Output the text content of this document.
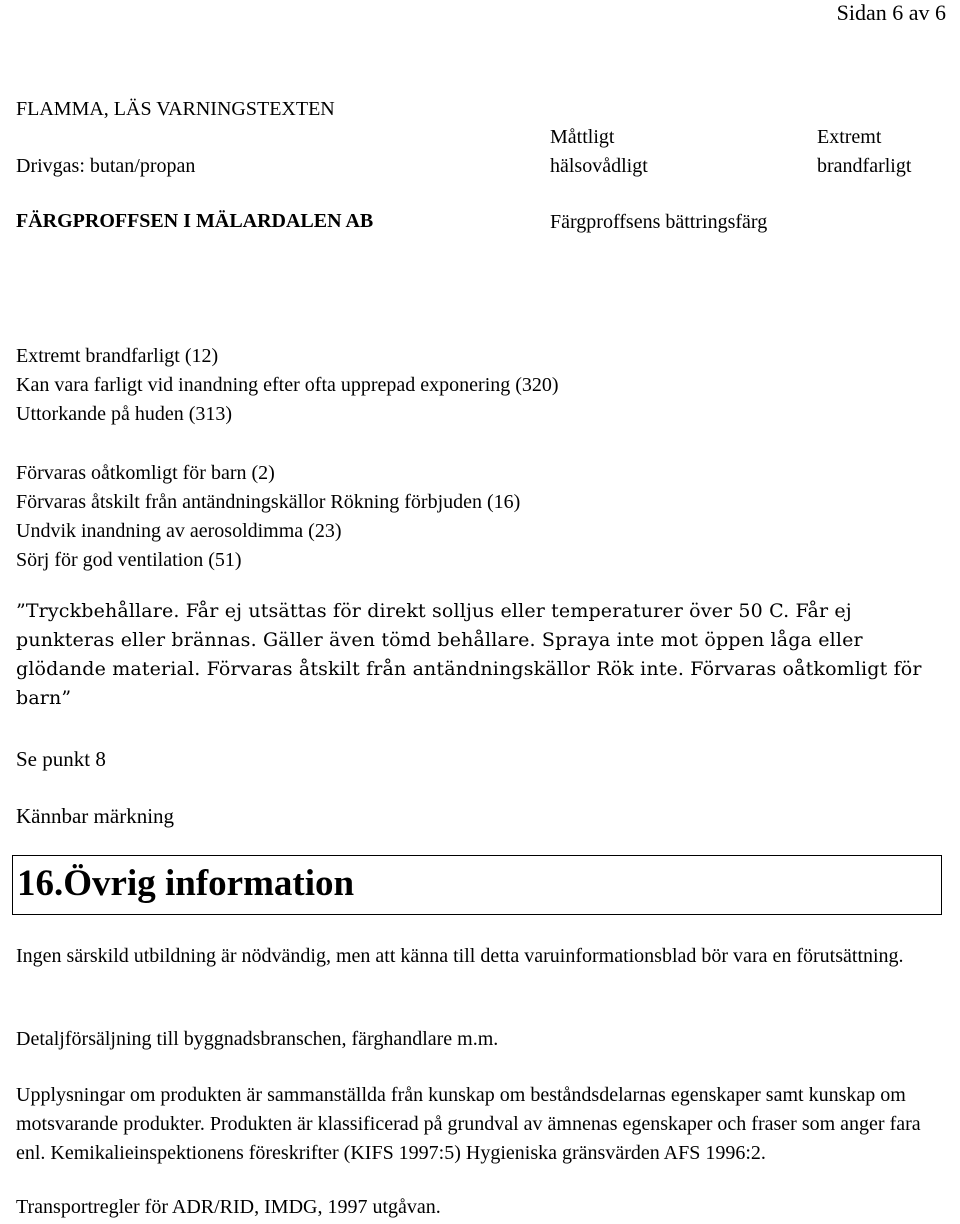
Sidan 6 av 6
FLAMMA, LÄS VARNINGSTEXTEN
Drivgas: butan/propan
Måttligt
hälsovådligt
Extremt
brandfarligt
FÄRGPROFFSEN I MÄLARDALEN AB	Färgproffsens bättringsfärg
Extremt brandfarligt (12)
Kan vara farligt vid inandning efter ofta upprepad exponering (320)
Uttorkande på huden (313)
Förvaras oåtkomligt för barn (2)
Förvaras åtskilt från antändningskällor Rökning förbjuden (16)
Undvik inandning av aerosoldimma (23)
Sörj för god ventilation (51)

”Tryckbehållare. Får ej utsättas för direkt solljus eller temperaturer över 50 C. Får ej punkteras eller brännas. Gäller även tömd behållare. Spraya inte mot öppen låga eller glödande material. Förvaras åtskilt från antändningskällor Rök inte. Förvaras oåtkomligt för barn”

Se punkt 8
Kännbar märkning
16.Övrig information

Ingen särskild utbildning är nödvändig, men att känna till detta varuinformationsblad bör vara en förutsättning.

Detaljförsäljning till byggnadsbranschen, färghandlare m.m.

Upplysningar om produkten är sammanställda från kunskap om beståndsdelarnas egenskaper samt kunskap om motsvarande produkter. Produkten är klassificerad på grundval av ämnenas egenskaper och fraser som anger fara enl. Kemikalieinspektionens föreskrifter (KIFS 1997:5) Hygieniska gränsvärden AFS 1996:2.

Transportregler för ADR/RID, IMDG, 1997 utgåvan.
